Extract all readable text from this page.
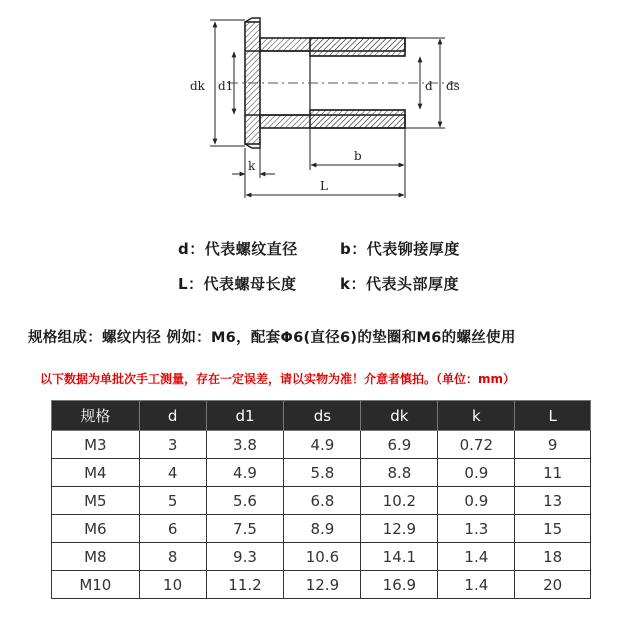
dk d1	d ds
k
b
L
d：代表螺纹直径	b：代表铆接厚度
L：代表螺母长度	k：代表头部厚度
规格组成：螺纹内径 例如：M6，配套Φ6(直径6)的垫圈和M6的螺丝使用
以下数据为单批次手工测量，存在一定误差，请以实物为准！介意者慎拍。（单位：mm）
规格	d	d1	ds	dk	k	L
M3	3	3.8	4.9	6.9	0.72	9
M4	4	4.9	5.8	8.8	0.9	11
M5	5	5.6	6.8	10.2	0.9	13
M6	6	7.5	8.9	12.9	1.3	15
M8	8	9.3	10.6	14.1	1.4	18
M10	10	11.2	12.9	16.9	1.4	20
